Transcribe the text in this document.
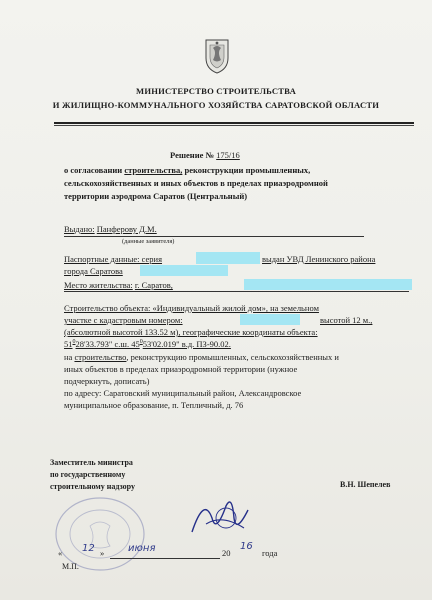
МИНИСТЕРСТВО СТРОИТЕЛЬСТВА
И ЖИЛИЩНО-КОММУНАЛЬНОГО ХОЗЯЙСТВА САРАТОВСКОЙ ОБЛАСТИ
Решение № 175/16
о согласовании строительства, реконструкции промышленных,
сельскохозяйственных и иных объектов в пределах приаэродромной
территории аэродрома Саратов (Центральный)
Выдано: Панферову Д.М.
(данные заявителя)
Паспортные данные: серия	выдан УВД Ленинского района
города Саратова
Место жительства: г. Саратов,
Строительство объекта: «Индивидуальный жилой дом», на земельном
участке с кадастровым номером:	высотой 12 м.,
(абсолютной высотой 133.52 м), географические координаты объекта:
$51^028'33.793$" с.ш. $45^053'02.019$" в.д. ПЗ-90.02.
на строительство, реконструкцию промышленных, сельскохозяйственных и
иных объектов в пределах приаэродромной территории (нужное
подчеркнуть, дописать)
по адресу: Саратовский муниципальный район, Александровское
муниципальное образование, п. Тепличный, д. 76
Заместитель министра
по государственному
строительному надзору	В.Н. Шепелев
« 12 » июня	20
16
года
М.П.
